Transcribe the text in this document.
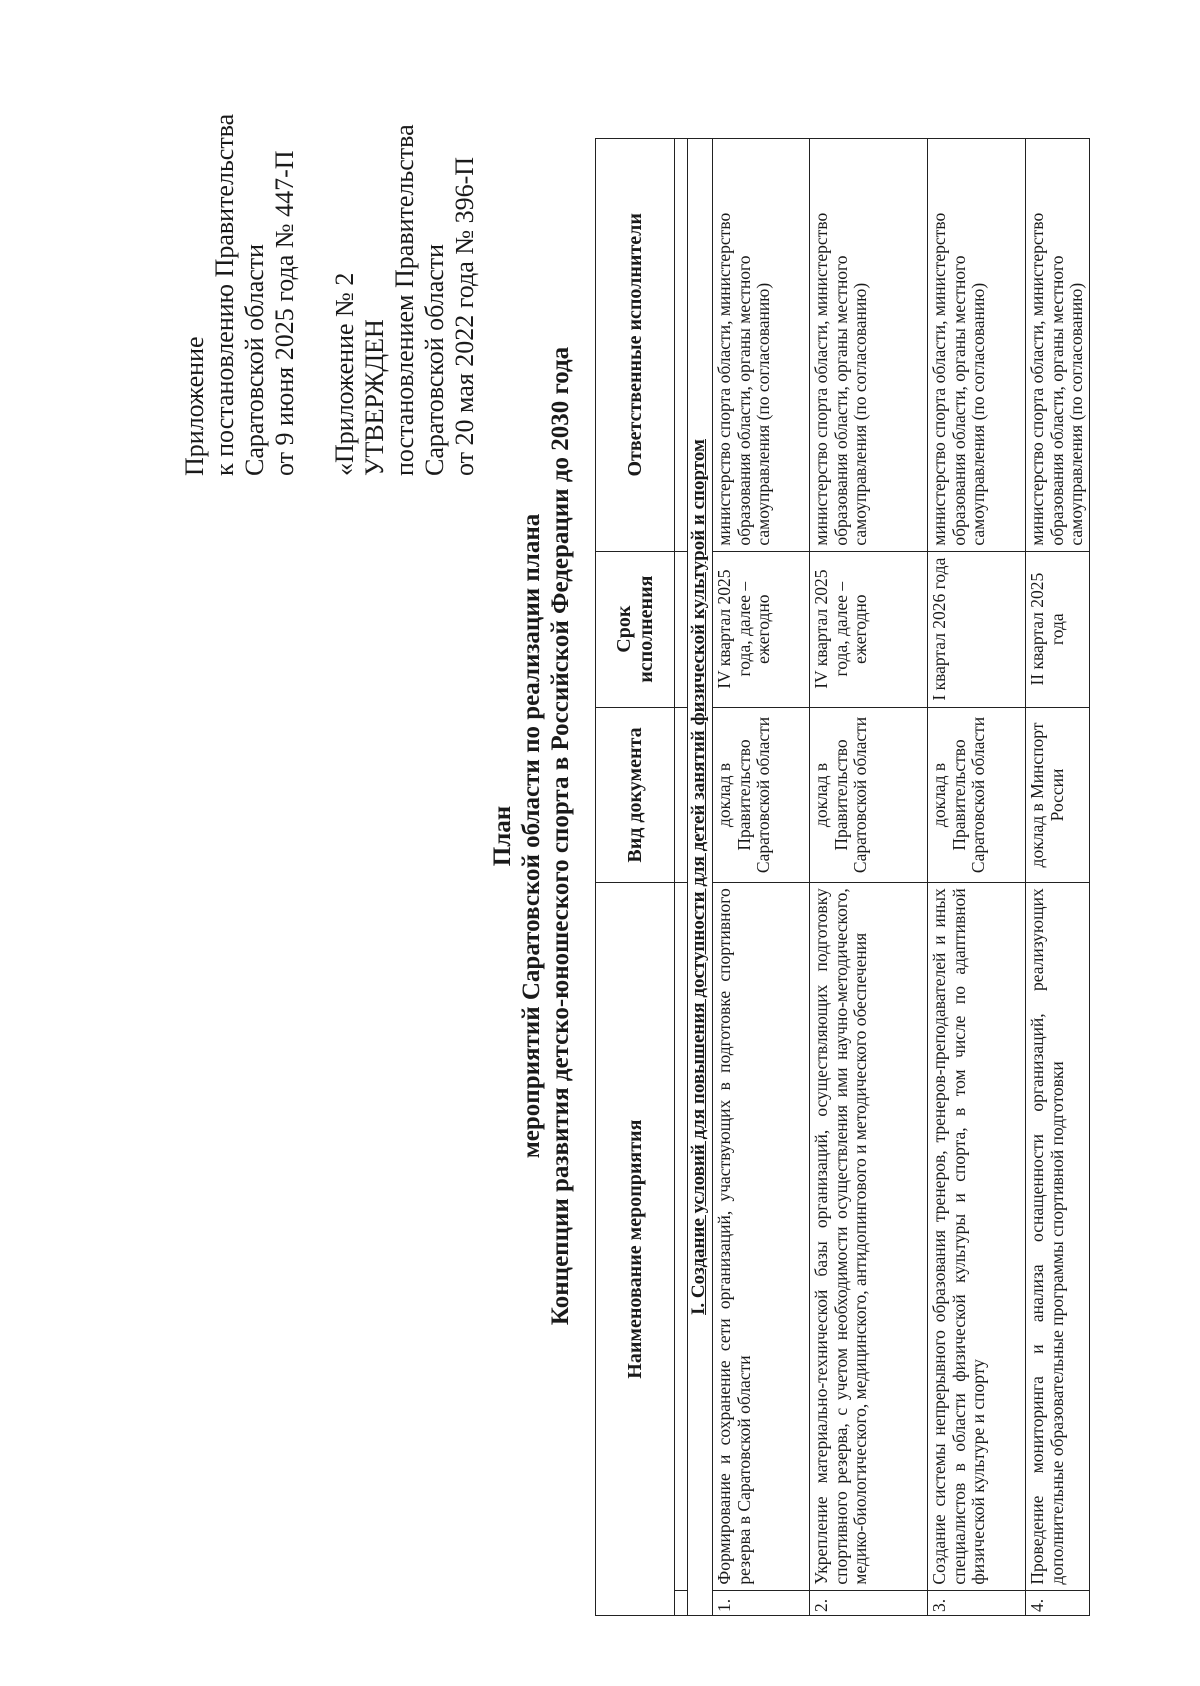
Приложение к постановлению Правительства Саратовской области от 9 июня 2025 года № 447-П «Приложение № 2 УТВЕРЖДЕН постановлением Правительства Саратовской области от 20 мая 2022 года № 396-П
План мероприятий Саратовской области по реализации плана Концепции развития детско-юношеского спорта в Российской Федерации до 2030 года	Наименование мероприятия		Вид документа	Срок исполнения	Ответственные исполнители

I. Создание условий для повышения доступности для детей занятий физической культурой и спортом				
1.	Формирование и сохранение сети организаций, участвующих в подготовке спортивного резерва в Саратовской области	доклад в Правительство Саратовской области	IV квартал 2025 года, далее – ежегодно	министерство спорта области, министерство образования области, органы местного самоуправления (по согласованию)
2.	Укрепление материально-технической базы организаций, осуществляющих подготовку спортивного резерва, с учетом необходимости осуществления ими научно-методического, медико-биологического, медицинского, антидопингового и методического обеспечения	доклад в Правительство Саратовской области	IV квартал 2025 года, далее – ежегодно	министерство спорта области, министерство образования области, органы местного самоуправления (по согласованию)
3.	Создание системы непрерывного образования тренеров, тренеров-преподавателей и иных специалистов в области физической культуры и спорта, в том числе по адаптивной физической культуре и спорту	доклад в Правительство Саратовской области	I квартал 2026 года	министерство спорта области, министерство образования области, органы местного самоуправления (по согласованию)
4.	Проведение мониторинга и анализа оснащенности организаций, реализующих дополнительные образовательные программы спортивной подготовки	доклад в Минспорт России	II квартал 2025 года	министерство спорта области, министерство образования области, органы местного самоуправления (по согласованию)
